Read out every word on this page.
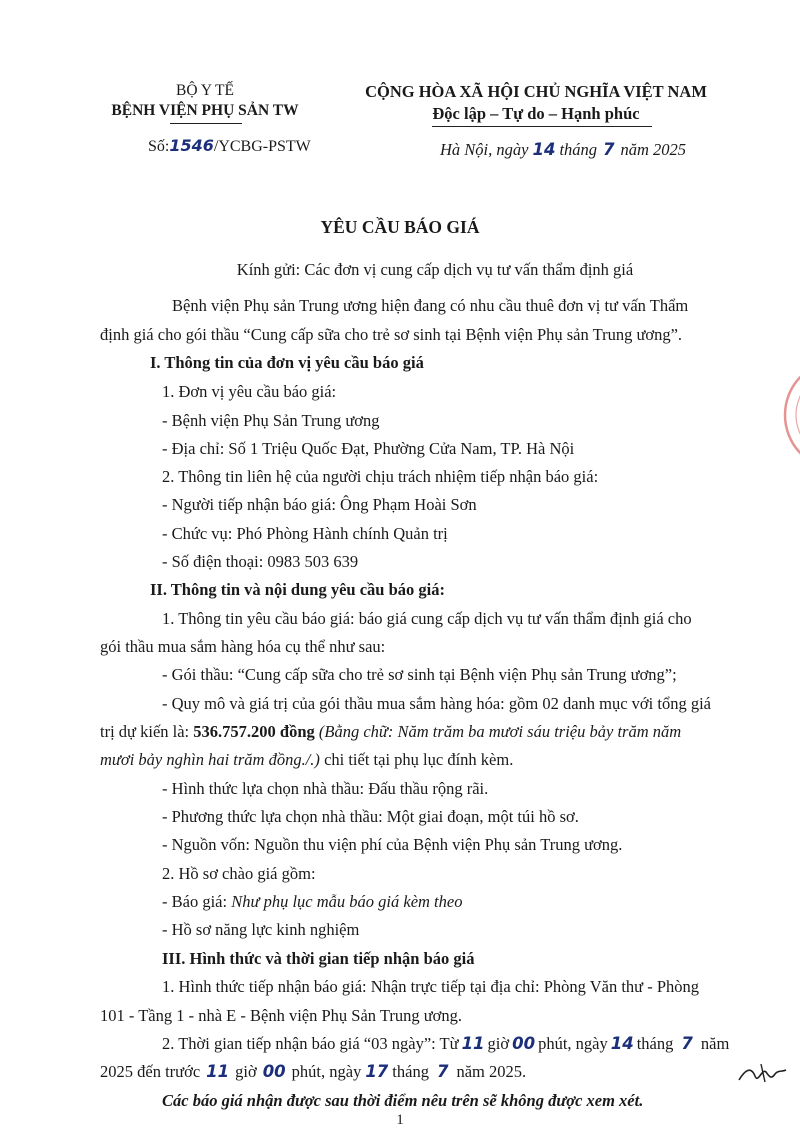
BỘ Y TẾ
BỆNH VIỆN PHỤ SẢN TW
Số:1546/YCBG-PSTW
CỘNG HÒA XÃ HỘI CHỦ NGHĨA VIỆT NAM
Độc lập – Tự do – Hạnh phúc
Hà Nội, ngày 14 tháng 7 năm 2025
YÊU CẦU BÁO GIÁ
Kính gửi: Các đơn vị cung cấp dịch vụ tư vấn thẩm định giá
Bệnh viện Phụ sản Trung ương hiện đang có nhu cầu thuê đơn vị tư vấn Thẩm
định giá cho gói thầu “Cung cấp sữa cho trẻ sơ sinh tại Bệnh viện Phụ sản Trung ương”.
I. Thông tin của đơn vị yêu cầu báo giá
1. Đơn vị yêu cầu báo giá:
- Bệnh viện Phụ Sản Trung ương
- Địa chỉ: Số 1 Triệu Quốc Đạt, Phường Cửa Nam, TP. Hà Nội
2. Thông tin liên hệ của người chịu trách nhiệm tiếp nhận báo giá:
- Người tiếp nhận báo giá: Ông Phạm Hoài Sơn
- Chức vụ: Phó Phòng Hành chính Quản trị
- Số điện thoại: 0983 503 639
II. Thông tin và nội dung yêu cầu báo giá:
1. Thông tin yêu cầu báo giá: báo giá cung cấp dịch vụ tư vấn thẩm định giá cho
gói thầu mua sắm hàng hóa cụ thể như sau:
- Gói thầu: “Cung cấp sữa cho trẻ sơ sinh tại Bệnh viện Phụ sản Trung ương”;
- Quy mô và giá trị của gói thầu mua sắm hàng hóa: gồm 02 danh mục với tổng giá
trị dự kiến là: 536.757.200 đồng (Bằng chữ: Năm trăm ba mươi sáu triệu bảy trăm năm
mươi bảy nghìn hai trăm đồng./.) chi tiết tại phụ lục đính kèm.
- Hình thức lựa chọn nhà thầu: Đấu thầu rộng rãi.
- Phương thức lựa chọn nhà thầu: Một giai đoạn, một túi hồ sơ.
- Nguồn vốn: Nguồn thu viện phí của Bệnh viện Phụ sản Trung ương.
2. Hồ sơ chào giá gồm:
- Báo giá: Như phụ lục mẫu báo giá kèm theo
- Hồ sơ năng lực kinh nghiệm
III. Hình thức và thời gian tiếp nhận báo giá
1. Hình thức tiếp nhận báo giá: Nhận trực tiếp tại địa chỉ: Phòng Văn thư - Phòng
101 - Tầng 1 - nhà E - Bệnh viện Phụ Sản Trung ương.
2. Thời gian tiếp nhận báo giá “03 ngày”: Từ 11 giờ 00 phút, ngày 14 tháng 7 năm
2025 đến trước 11 giờ 00 phút, ngày 17 tháng 7 năm 2025.
Các báo giá nhận được sau thời điểm nêu trên sẽ không được xem xét.
1
